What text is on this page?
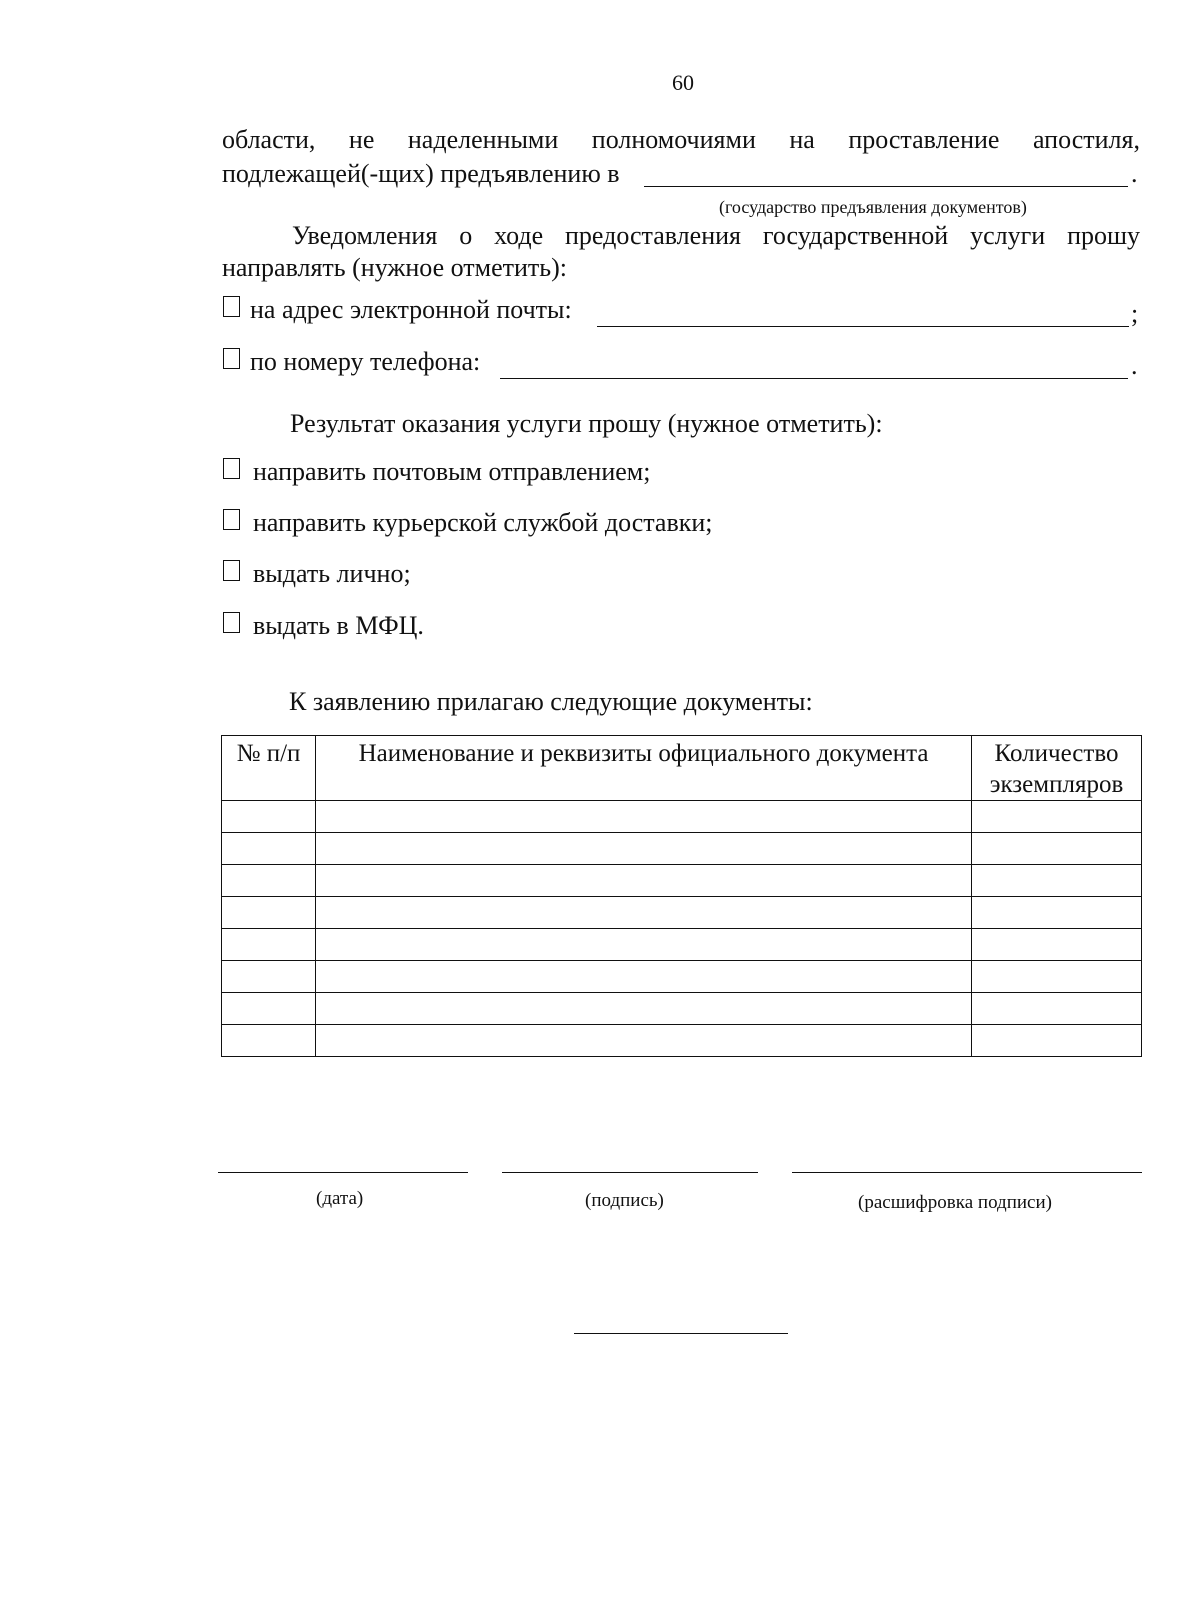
60
области, не наделенными полномочиями на проставление апостиля,
подлежащей(-щих) предъявлению в	.
(государство предъявления документов)
Уведомления о ходе предоставления государственной услуги прошу
направлять (нужное отметить):
на адрес электронной почты:	;
по номеру телефона:	.
Результат оказания услуги прошу (нужное отметить):
направить почтовым отправлением;
направить курьерской службой доставки;
выдать лично;
выдать в МФЦ.
К заявлению прилагаю следующие документы:
№ п/п	Наименование и реквизиты официального документа	Количество
экземпляров

(дата)	(подпись)	(расшифровка подписи)
